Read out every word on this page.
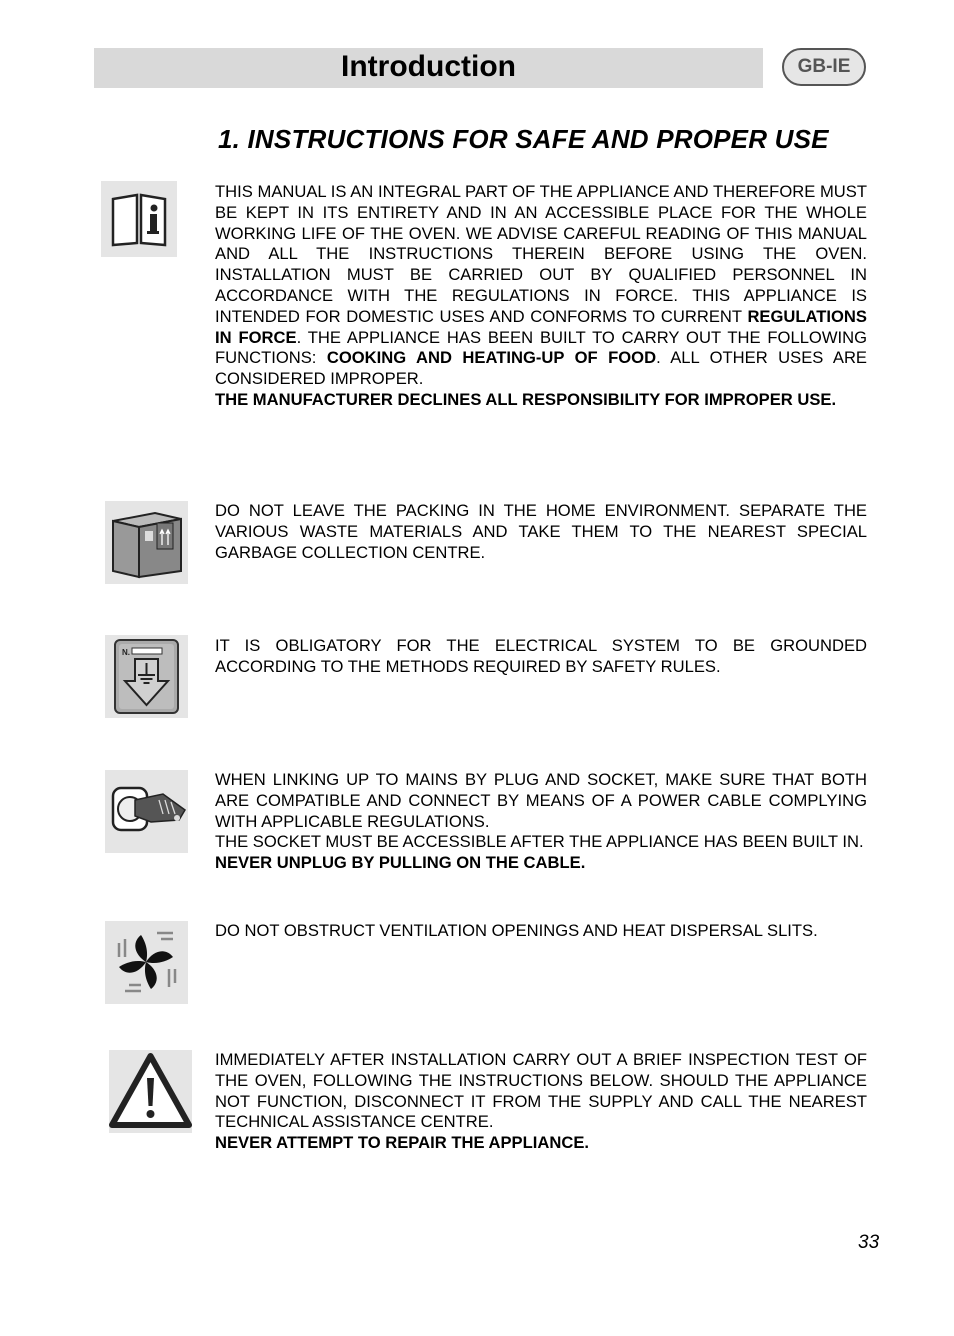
Introduction	GB-IE
1. INSTRUCTIONS FOR SAFE AND PROPER USE

THIS MANUAL IS AN INTEGRAL PART OF THE APPLIANCE AND THEREFORE MUST BE KEPT IN ITS ENTIRETY AND IN AN ACCESSIBLE PLACE FOR THE WHOLE WORKING LIFE OF THE OVEN. WE ADVISE CAREFUL READING OF THIS MANUAL AND ALL THE INSTRUCTIONS THEREIN BEFORE USING THE OVEN. INSTALLATION MUST BE CARRIED OUT BY QUALIFIED PERSONNEL IN ACCORDANCE WITH THE REGULATIONS IN FORCE. THIS APPLIANCE IS INTENDED FOR DOMESTIC USES AND CONFORMS TO CURRENT REGULATIONS IN FORCE. THE APPLIANCE HAS BEEN BUILT TO CARRY OUT THE FOLLOWING FUNCTIONS: COOKING AND HEATING-UP OF FOOD. ALL OTHER USES ARE CONSIDERED IMPROPER.

THE MANUFACTURER DECLINES ALL RESPONSIBILITY FOR IMPROPER USE.

DO NOT LEAVE THE PACKING IN THE HOME ENVIRONMENT. SEPARATE THE VARIOUS WASTE MATERIALS AND TAKE THEM TO THE NEAREST SPECIAL GARBAGE COLLECTION CENTRE.

N.	IT IS OBLIGATORY FOR THE ELECTRICAL SYSTEM TO BE GROUNDED ACCORDING TO THE METHODS REQUIRED BY SAFETY RULES.

WHEN LINKING UP TO MAINS BY PLUG AND SOCKET, MAKE SURE THAT BOTH ARE COMPATIBLE AND CONNECT BY MEANS OF A POWER CABLE COMPLYING WITH APPLICABLE REGULATIONS.

THE SOCKET MUST BE ACCESSIBLE AFTER THE APPLIANCE HAS BEEN BUILT IN.

NEVER UNPLUG BY PULLING ON THE CABLE.

DO NOT OBSTRUCT VENTILATION OPENINGS AND HEAT DISPERSAL SLITS.

IMMEDIATELY AFTER INSTALLATION CARRY OUT A BRIEF INSPECTION TEST OF THE OVEN, FOLLOWING THE INSTRUCTIONS BELOW. SHOULD THE APPLIANCE NOT FUNCTION, DISCONNECT IT FROM THE SUPPLY AND CALL THE NEAREST TECHNICAL ASSISTANCE CENTRE.

NEVER ATTEMPT TO REPAIR THE APPLIANCE.

33
